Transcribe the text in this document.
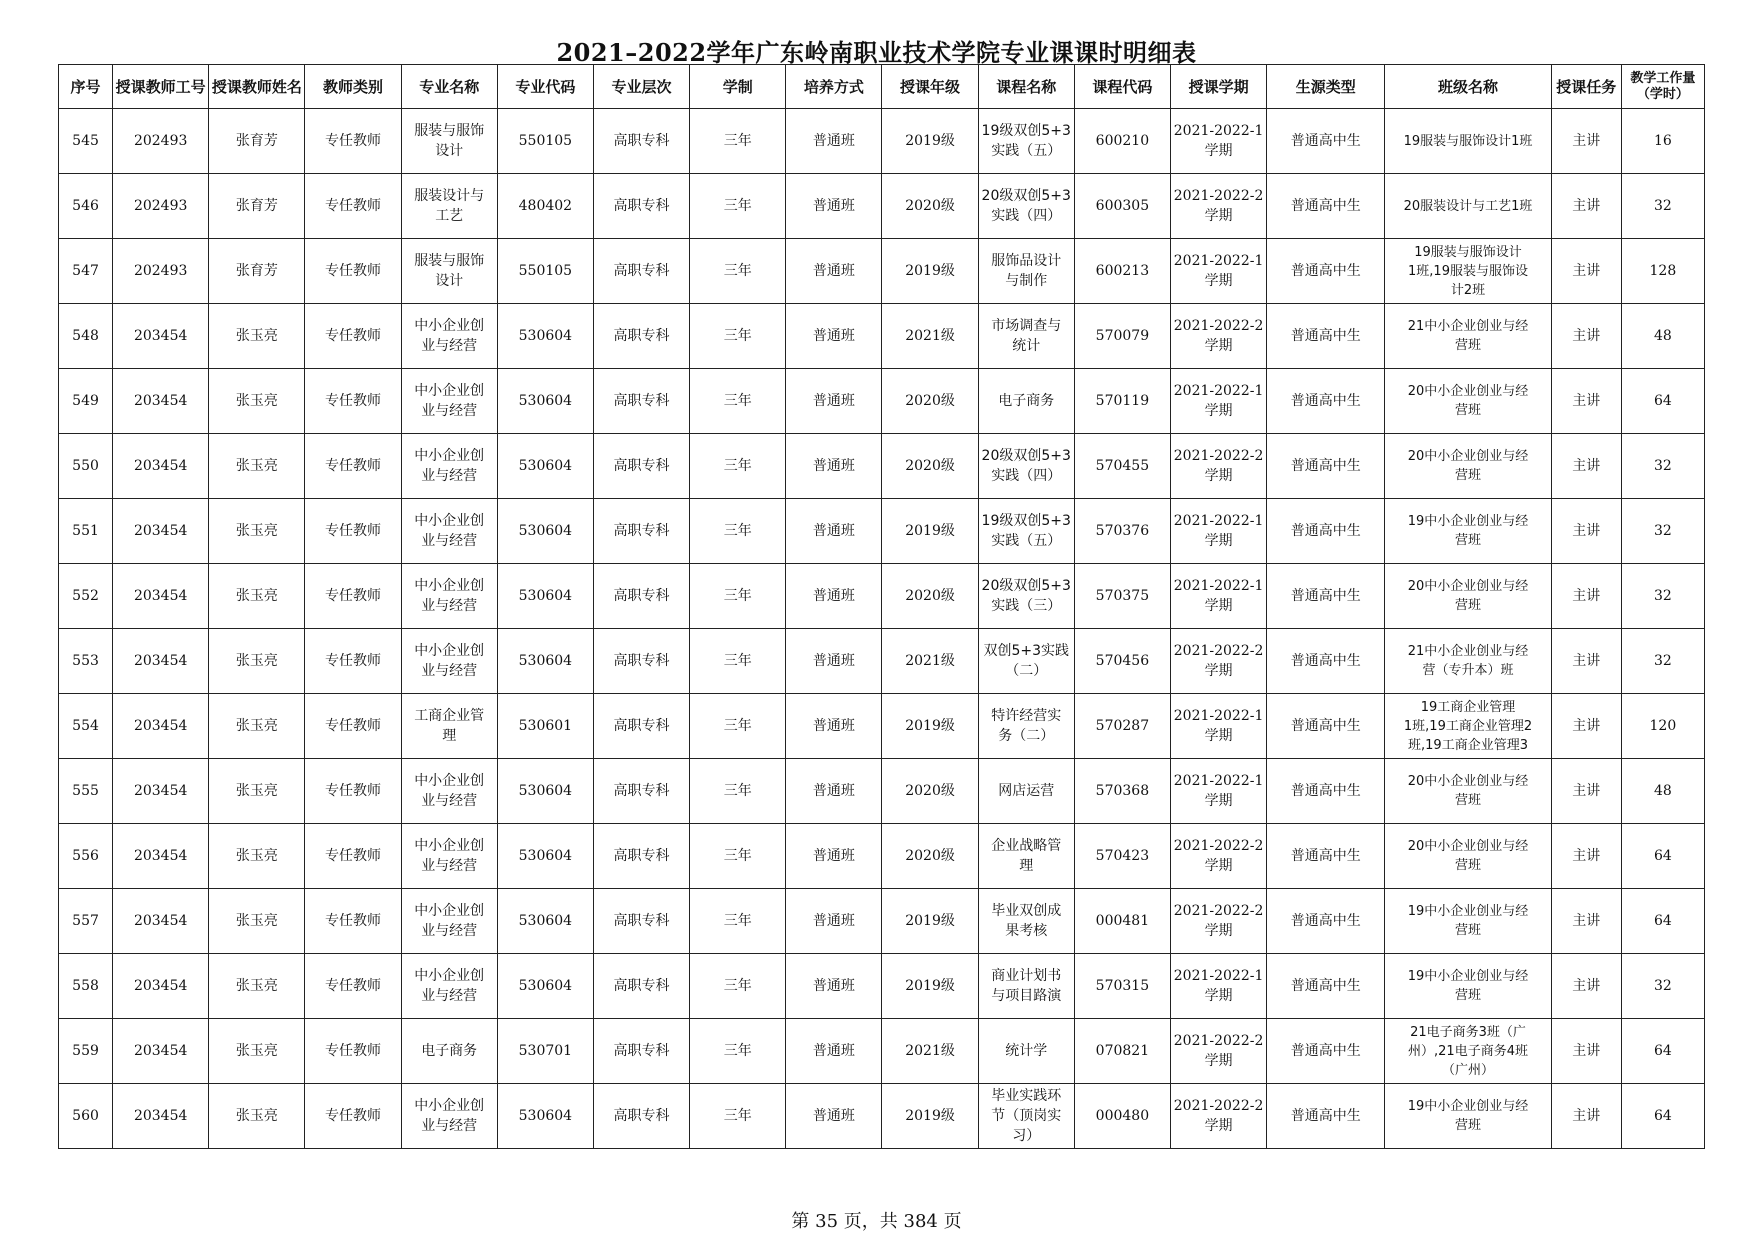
2021–2022学年广东岭南职业技术学院专业课课时明细表
序号	授课教师工号	授课教师姓名	教师类别	专业名称	专业代码	专业层次	学制	培养方式	授课年级	课程名称	课程代码	授课学期	生源类型	班级名称	授课任务	教学工作量（学时）
545	202493	张育芳	专任教师	服装与服饰
设计	550105	高职专科	三年	普通班	2019级	19级双创5+3
实践（五）	600210	2021-2022-1
学期	普通高中生	19服装与服饰设计1班	主讲	16
546	202493	张育芳	专任教师	服装设计与
工艺	480402	高职专科	三年	普通班	2020级	20级双创5+3
实践（四）	600305	2021-2022-2
学期	普通高中生	20服装设计与工艺1班	主讲	32
547	202493	张育芳	专任教师	服装与服饰
设计	550105	高职专科	三年	普通班	2019级	服饰品设计
与制作	600213	2021-2022-1
学期	普通高中生	19服装与服饰设计
1班,19服装与服饰设
计2班	主讲	128
548	203454	张玉亮	专任教师	中小企业创
业与经营	530604	高职专科	三年	普通班	2021级	市场调查与
统计	570079	2021-2022-2
学期	普通高中生	21中小企业创业与经
营班	主讲	48
549	203454	张玉亮	专任教师	中小企业创
业与经营	530604	高职专科	三年	普通班	2020级	电子商务	570119	2021-2022-1
学期	普通高中生	20中小企业创业与经
营班	主讲	64
550	203454	张玉亮	专任教师	中小企业创
业与经营	530604	高职专科	三年	普通班	2020级	20级双创5+3
实践（四）	570455	2021-2022-2
学期	普通高中生	20中小企业创业与经
营班	主讲	32
551	203454	张玉亮	专任教师	中小企业创
业与经营	530604	高职专科	三年	普通班	2019级	19级双创5+3
实践（五）	570376	2021-2022-1
学期	普通高中生	19中小企业创业与经
营班	主讲	32
552	203454	张玉亮	专任教师	中小企业创
业与经营	530604	高职专科	三年	普通班	2020级	20级双创5+3
实践（三）	570375	2021-2022-1
学期	普通高中生	20中小企业创业与经
营班	主讲	32
553	203454	张玉亮	专任教师	中小企业创
业与经营	530604	高职专科	三年	普通班	2021级	双创5+3实践
（二）	570456	2021-2022-2
学期	普通高中生	21中小企业创业与经
营（专升本）班	主讲	32
554	203454	张玉亮	专任教师	工商企业管
理	530601	高职专科	三年	普通班	2019级	特许经营实
务（二）	570287	2021-2022-1
学期	普通高中生	19工商企业管理
1班,19工商企业管理2
班,19工商企业管理3	主讲	120
555	203454	张玉亮	专任教师	中小企业创
业与经营	530604	高职专科	三年	普通班	2020级	网店运营	570368	2021-2022-1
学期	普通高中生	20中小企业创业与经
营班	主讲	48
556	203454	张玉亮	专任教师	中小企业创
业与经营	530604	高职专科	三年	普通班	2020级	企业战略管
理	570423	2021-2022-2
学期	普通高中生	20中小企业创业与经
营班	主讲	64
557	203454	张玉亮	专任教师	中小企业创
业与经营	530604	高职专科	三年	普通班	2019级	毕业双创成
果考核	000481	2021-2022-2
学期	普通高中生	19中小企业创业与经
营班	主讲	64
558	203454	张玉亮	专任教师	中小企业创
业与经营	530604	高职专科	三年	普通班	2019级	商业计划书
与项目路演	570315	2021-2022-1
学期	普通高中生	19中小企业创业与经
营班	主讲	32
559	203454	张玉亮	专任教师	电子商务	530701	高职专科	三年	普通班	2021级	统计学	070821	2021-2022-2
学期	普通高中生	21电子商务3班（广
州）,21电子商务4班
（广州）	主讲	64
560	203454	张玉亮	专任教师	中小企业创
业与经营	530604	高职专科	三年	普通班	2019级	毕业实践环
节（顶岗实
习）	000480	2021-2022-2
学期	普通高中生	19中小企业创业与经
营班	主讲	64
第 35 页，共 384 页
